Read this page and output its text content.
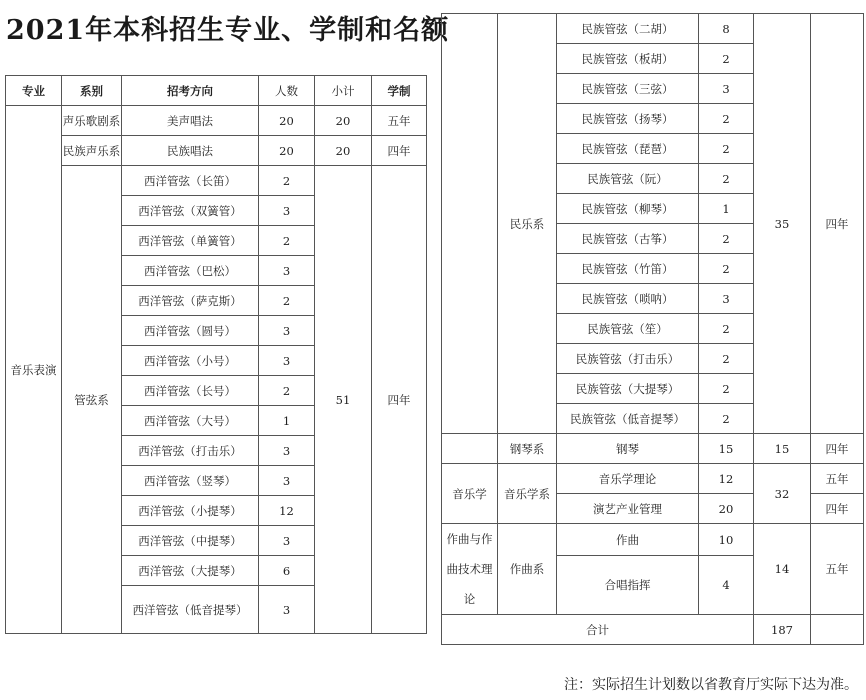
2021年本科招生专业、学制和名额
专业	系别	招考方向	人数	小计	学制
音乐表演	声乐歌剧系	美声唱法	20	20	五年
	民族声乐系	民族唱法	20	20	四年
	管弦系	西洋管弦（长笛）	2	51	四年
		西洋管弦（双簧管）	3		
		西洋管弦（单簧管）	2		
		西洋管弦（巴松）	3		
		西洋管弦（萨克斯）	2		
		西洋管弦（圆号）	3		
		西洋管弦（小号）	3		
		西洋管弦（长号）	2		
		西洋管弦（大号）	1		
		西洋管弦（打击乐）	3		
		西洋管弦（竖琴）	3		
		西洋管弦（小提琴）	12		
		西洋管弦（中提琴）	3		
		西洋管弦（大提琴）	6		
		西洋管弦（低音提琴）	3		
	民乐系	民族管弦（二胡）	8	35	四年
		民族管弦（板胡）	2		
		民族管弦（三弦）	3		
		民族管弦（扬琴）	2		
		民族管弦（琵琶）	2		
		民族管弦（阮）	2		
		民族管弦（柳琴）	1		
		民族管弦（古筝）	2		
		民族管弦（竹笛）	2		
		民族管弦（唢呐）	3		
		民族管弦（笙）	2		
		民族管弦（打击乐）	2		
		民族管弦（大提琴）	2		
		民族管弦（低音提琴）	2		
	钢琴系	钢琴	15	15	四年
音乐学	音乐学系	音乐学理论	12	32	五年
		演艺产业管理	20		四年
作曲与作曲技术理论	作曲系	作曲	10	14	五年
		合唱指挥	4		
合计				187	

注：实际招生计划数以省教育厅实际下达为准。
